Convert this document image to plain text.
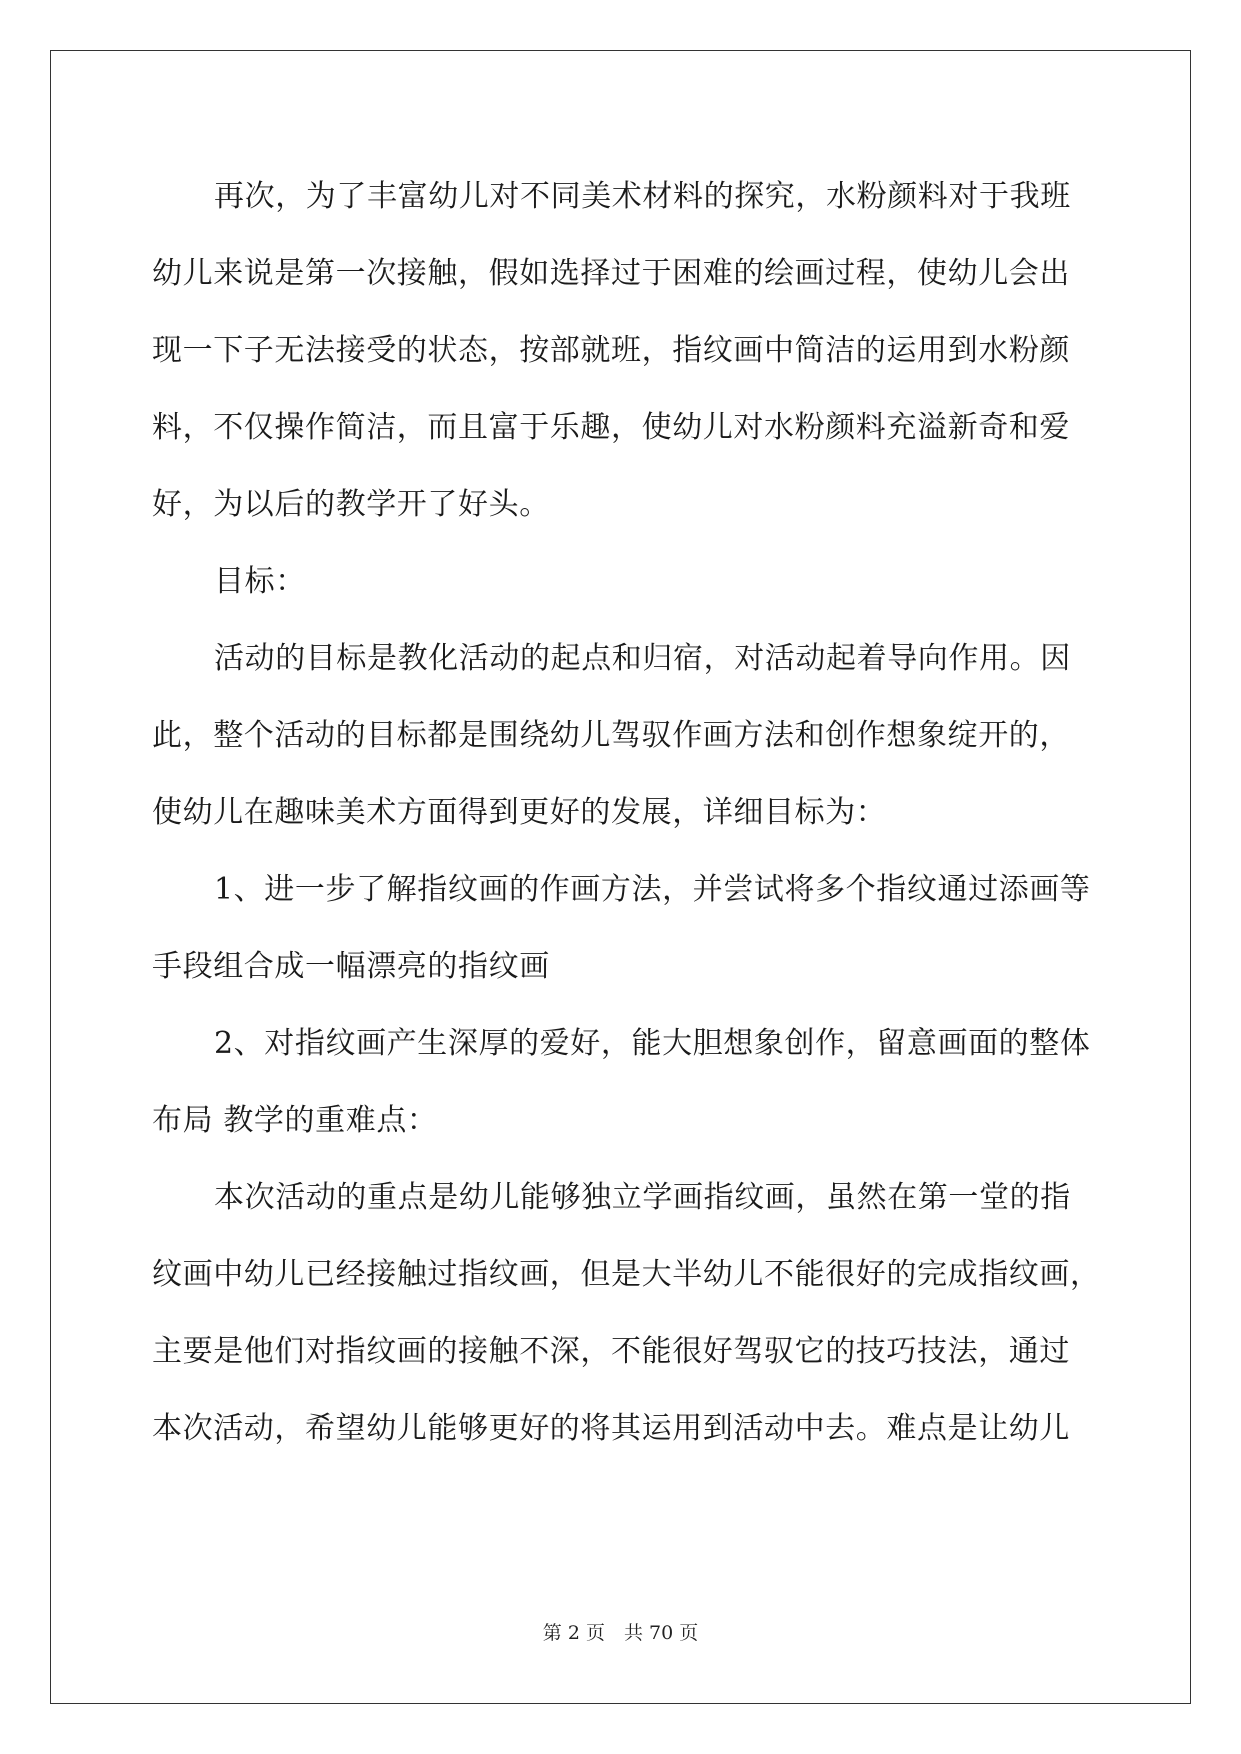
再次，为了丰富幼儿对不同美术材料的探究，水粉颜料对于我班
幼儿来说是第一次接触，假如选择过于困难的绘画过程，使幼儿会出
现一下子无法接受的状态，按部就班，指纹画中简洁的运用到水粉颜
料，不仅操作简洁，而且富于乐趣，使幼儿对水粉颜料充溢新奇和爱
好，为以后的教学开了好头。
目标：
活动的目标是教化活动的起点和归宿，对活动起着导向作用。因
此，整个活动的目标都是围绕幼儿驾驭作画方法和创作想象绽开的，
使幼儿在趣味美术方面得到更好的发展，详细目标为：
1、进一步了解指纹画的作画方法，并尝试将多个指纹通过添画等
手段组合成一幅漂亮的指纹画
2、对指纹画产生深厚的爱好，能大胆想象创作，留意画面的整体
布局 教学的重难点：
本次活动的重点是幼儿能够独立学画指纹画，虽然在第一堂的指
纹画中幼儿已经接触过指纹画，但是大半幼儿不能很好的完成指纹画，
主要是他们对指纹画的接触不深，不能很好驾驭它的技巧技法，通过
本次活动，希望幼儿能够更好的将其运用到活动中去。难点是让幼儿
第 2 页　共 70 页
